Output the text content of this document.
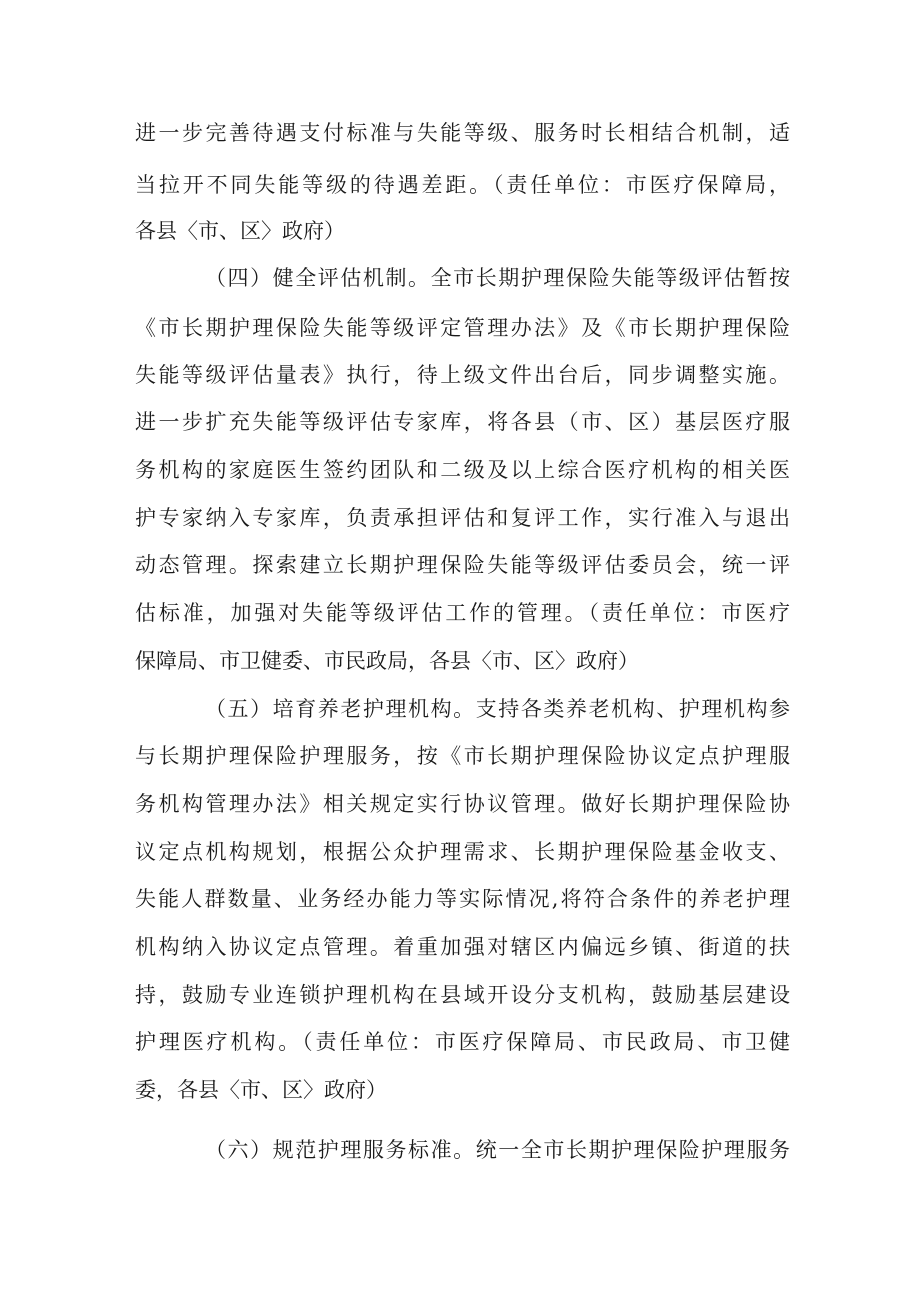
进一步完善待遇支付标准与失能等级、服务时长相结合机制，适
当拉开不同失能等级的待遇差距。（责任单位：市医疗保障局，
各县〈市、区〉政府）
（四）健全评估机制。全市长期护理保险失能等级评估暂按
《市长期护理保险失能等级评定管理办法》及《市长期护理保险
失能等级评估量表》执行，待上级文件出台后，同步调整实施。
进一步扩充失能等级评估专家库，将各县（市、区）基层医疗服
务机构的家庭医生签约团队和二级及以上综合医疗机构的相关医
护专家纳入专家库，负责承担评估和复评工作，实行准入与退出
动态管理。探索建立长期护理保险失能等级评估委员会，统一评
估标准，加强对失能等级评估工作的管理。（责任单位：市医疗
保障局、市卫健委、市民政局，各县〈市、区〉政府）
（五）培育养老护理机构。支持各类养老机构、护理机构参
与长期护理保险护理服务，按《市长期护理保险协议定点护理服
务机构管理办法》相关规定实行协议管理。做好长期护理保险协
议定点机构规划，根据公众护理需求、长期护理保险基金收支、
失能人群数量、业务经办能力等实际情况,将符合条件的养老护理
机构纳入协议定点管理。着重加强对辖区内偏远乡镇、街道的扶
持，鼓励专业连锁护理机构在县域开设分支机构，鼓励基层建设
护理医疗机构。（责任单位：市医疗保障局、市民政局、市卫健
委，各县〈市、区〉政府）
（六）规范护理服务标准。统一全市长期护理保险护理服务
